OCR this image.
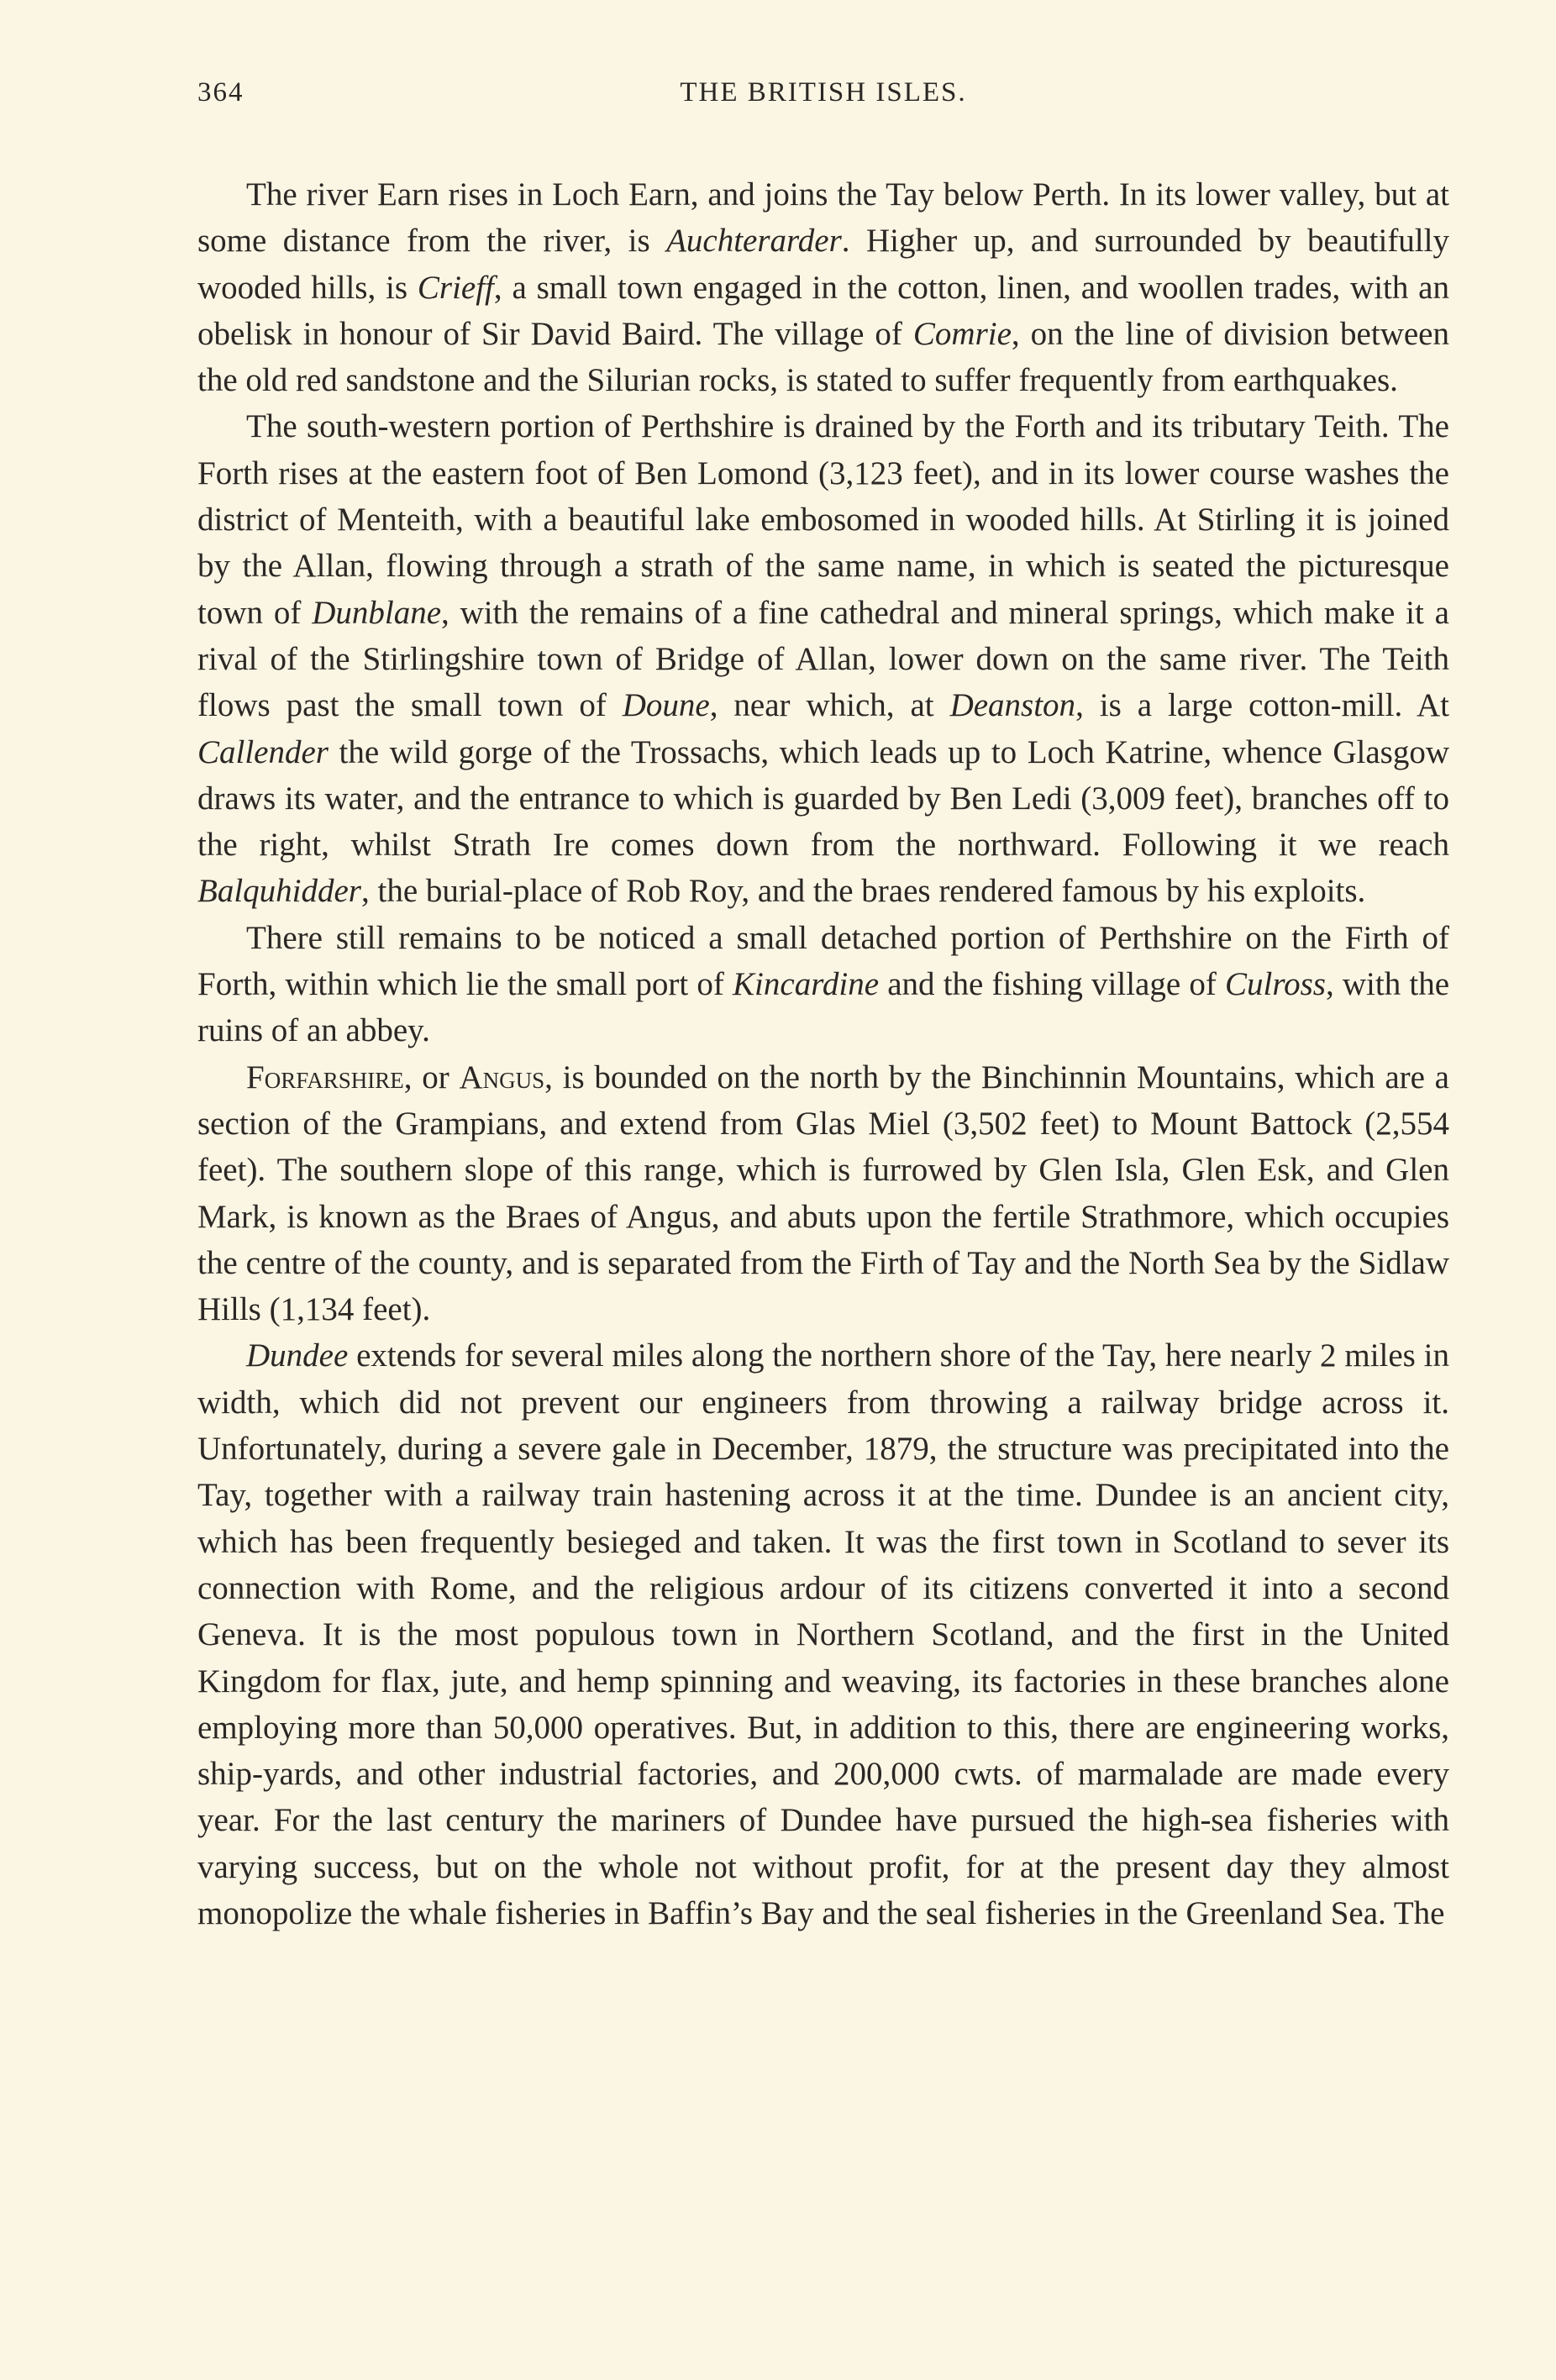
364	THE BRITISH ISLES.

The river Earn rises in Loch Earn, and joins the Tay below Perth. In its lower valley, but at some distance from the river, is Auchterarder. Higher up, and surrounded by beautifully wooded hills, is Crieff, a small town engaged in the cotton, linen, and woollen trades, with an obelisk in honour of Sir David Baird. The village of Comrie, on the line of division between the old red sandstone and the Silurian rocks, is stated to suffer frequently from earthquakes.

The south-western portion of Perthshire is drained by the Forth and its tributary Teith. The Forth rises at the eastern foot of Ben Lomond (3,123 feet), and in its lower course washes the district of Menteith, with a beautiful lake embosomed in wooded hills. At Stirling it is joined by the Allan, flowing through a strath of the same name, in which is seated the picturesque town of Dunblane, with the remains of a fine cathedral and mineral springs, which make it a rival of the Stirlingshire town of Bridge of Allan, lower down on the same river. The Teith flows past the small town of Doune, near which, at Deanston, is a large cotton-mill. At Callender the wild gorge of the Trossachs, which leads up to Loch Katrine, whence Glasgow draws its water, and the entrance to which is guarded by Ben Ledi (3,009 feet), branches off to the right, whilst Strath Ire comes down from the northward. Following it we reach Balquhidder, the burial-place of Rob Roy, and the braes rendered famous by his exploits.

There still remains to be noticed a small detached portion of Perthshire on the Firth of Forth, within which lie the small port of Kincardine and the fishing village of Culross, with the ruins of an abbey.

Forfarshire, or Angus, is bounded on the north by the Binchinnin Mountains, which are a section of the Grampians, and extend from Glas Miel (3,502 feet) to Mount Battock (2,554 feet). The southern slope of this range, which is furrowed by Glen Isla, Glen Esk, and Glen Mark, is known as the Braes of Angus, and abuts upon the fertile Strathmore, which occupies the centre of the county, and is separated from the Firth of Tay and the North Sea by the Sidlaw Hills (1,134 feet).

Dundee extends for several miles along the northern shore of the Tay, here nearly 2 miles in width, which did not prevent our engineers from throwing a railway bridge across it. Unfortunately, during a severe gale in December, 1879, the structure was precipitated into the Tay, together with a railway train hastening across it at the time. Dundee is an ancient city, which has been frequently besieged and taken. It was the first town in Scotland to sever its connection with Rome, and the religious ardour of its citizens converted it into a second Geneva. It is the most populous town in Northern Scotland, and the first in the United Kingdom for flax, jute, and hemp spinning and weaving, its factories in these branches alone employing more than 50,000 operatives. But, in addition to this, there are engineering works, ship-yards, and other industrial factories, and 200,000 cwts. of marmalade are made every year. For the last century the mariners of Dundee have pursued the high-sea fisheries with varying success, but on the whole not without profit, for at the present day they almost monopolize the whale fisheries in Baffin’s Bay and the seal fisheries in the Greenland Sea. The
